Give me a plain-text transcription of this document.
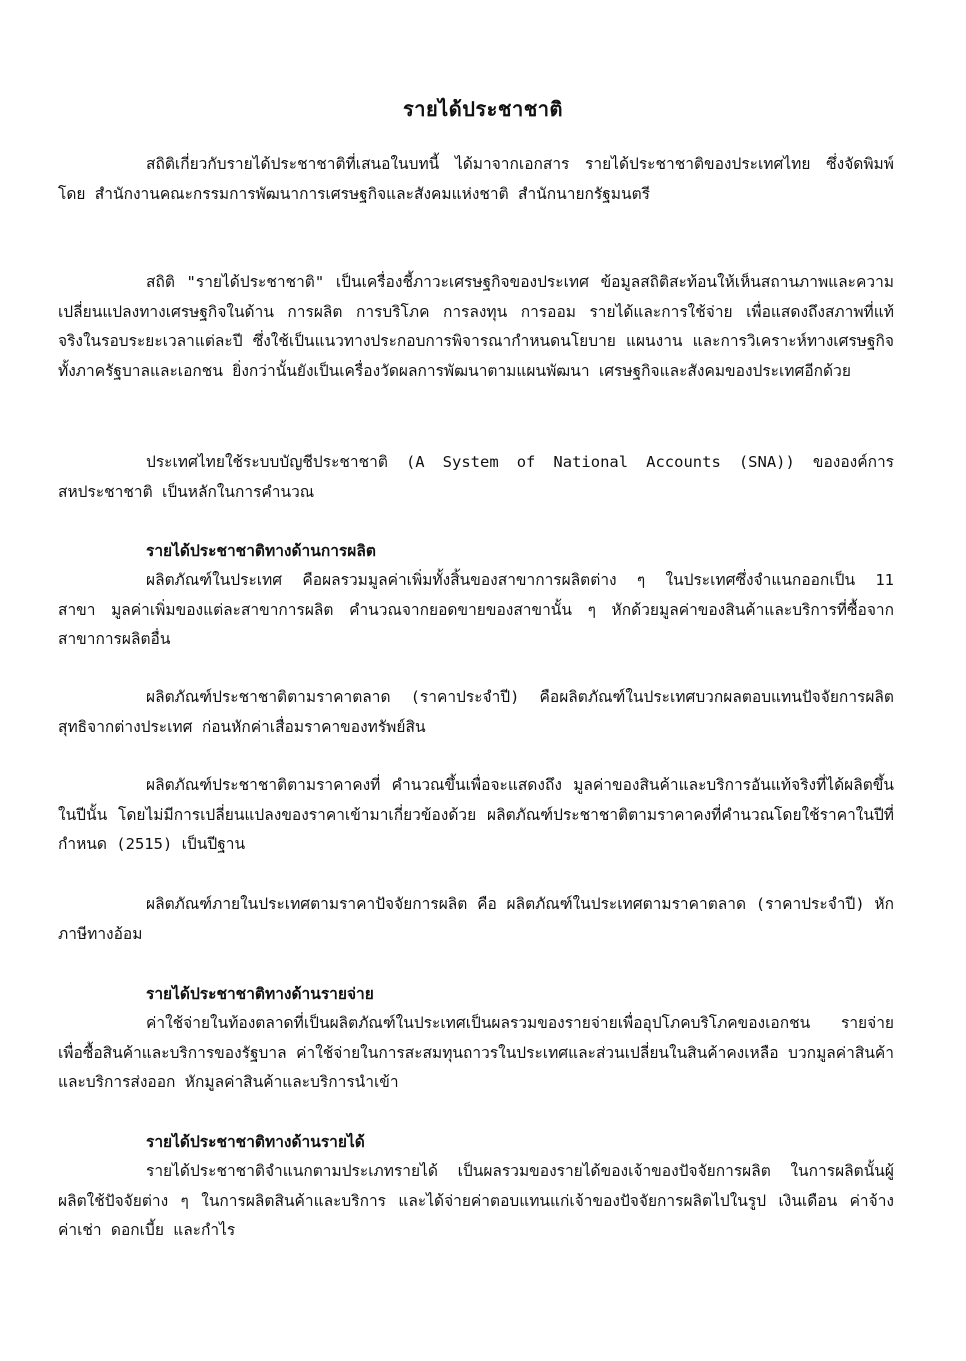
รายได้ประชาชาติ
สถิติเกี่ยวกับรายได้ประชาชาติที่เสนอในบทนี้ ได้มาจากเอกสาร รายได้ประชาชาติของประเทศไทย ซึ่งจัดพิมพ์โดย สำนักงานคณะกรรมการพัฒนาการเศรษฐกิจและสังคมแห่งชาติ สำนักนายกรัฐมนตรี
สถิติ "รายได้ประชาชาติ" เป็นเครื่องชี้ภาวะเศรษฐกิจของประเทศ ข้อมูลสถิติสะท้อนให้เห็นสถานภาพและความเปลี่ยนแปลงทางเศรษฐกิจในด้าน การผลิต การบริโภค การลงทุน การออม รายได้และการใช้จ่าย เพื่อแสดงถึงสภาพที่แท้จริงในรอบระยะเวลาแต่ละปี ซึ่งใช้เป็นแนวทางประกอบการพิจารณากำหนดนโยบาย แผนงาน และการวิเคราะห์ทางเศรษฐกิจ ทั้งภาครัฐบาลและเอกชน ยิ่งกว่านั้นยังเป็นเครื่องวัดผลการพัฒนาตามแผนพัฒนา เศรษฐกิจและสังคมของประเทศอีกด้วย
ประเทศไทยใช้ระบบบัญชีประชาชาติ (A System of National Accounts (SNA)) ขององค์การสหประชาชาติ เป็นหลักในการคำนวณ
รายได้ประชาชาติทางด้านการผลิต
ผลิตภัณฑ์ในประเทศ คือผลรวมมูลค่าเพิ่มทั้งสิ้นของสาขาการผลิตต่าง ๆ ในประเทศซึ่งจำแนกออกเป็น 11 สาขา มูลค่าเพิ่มของแต่ละสาขาการผลิต คำนวณจากยอดขายของสาขานั้น ๆ หักด้วยมูลค่าของสินค้าและบริการที่ซื้อจากสาขาการผลิตอื่น
ผลิตภัณฑ์ประชาชาติตามราคาตลาด (ราคาประจำปี) คือผลิตภัณฑ์ในประเทศบวกผลตอบแทนปัจจัยการผลิตสุทธิจากต่างประเทศ ก่อนหักค่าเสื่อมราคาของทรัพย์สิน
ผลิตภัณฑ์ประชาชาติตามราคาคงที่ คำนวณขึ้นเพื่อจะแสดงถึง มูลค่าของสินค้าและบริการอันแท้จริงที่ได้ผลิตขึ้นในปีนั้น โดยไม่มีการเปลี่ยนแปลงของราคาเข้ามาเกี่ยวข้องด้วย ผลิตภัณฑ์ประชาชาติตามราคาคงที่คำนวณโดยใช้ราคาในปีที่กำหนด (2515) เป็นปีฐาน
ผลิตภัณฑ์ภายในประเทศตามราคาปัจจัยการผลิต คือ ผลิตภัณฑ์ในประเทศตามราคาตลาด (ราคาประจำปี) หักภาษีทางอ้อม
รายได้ประชาชาติทางด้านรายจ่าย
ค่าใช้จ่ายในท้องตลาดที่เป็นผลิตภัณฑ์ในประเทศเป็นผลรวมของรายจ่ายเพื่ออุปโภคบริโภคของเอกชน รายจ่ายเพื่อซื้อสินค้าและบริการของรัฐบาล ค่าใช้จ่ายในการสะสมทุนถาวรในประเทศและส่วนเปลี่ยนในสินค้าคงเหลือ บวกมูลค่าสินค้าและบริการส่งออก หักมูลค่าสินค้าและบริการนำเข้า
รายได้ประชาชาติทางด้านรายได้
รายได้ประชาชาติจำแนกตามประเภทรายได้ เป็นผลรวมของรายได้ของเจ้าของปัจจัยการผลิต ในการผลิตนั้นผู้ผลิตใช้ปัจจัยต่าง ๆ ในการผลิตสินค้าและบริการ และได้จ่ายค่าตอบแทนแก่เจ้าของปัจจัยการผลิตไปในรูป เงินเดือน ค่าจ้าง ค่าเช่า ดอกเบี้ย และกำไร
